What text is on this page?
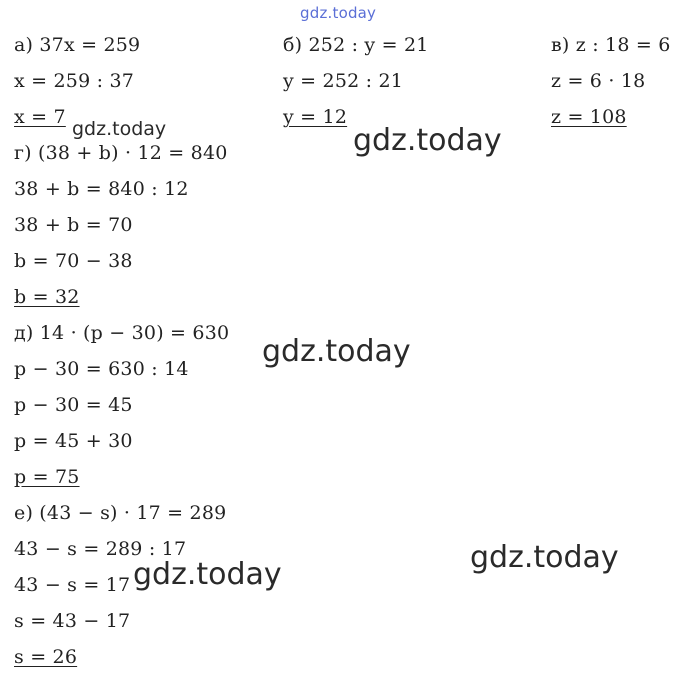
gdz.today
gdz.today	gdz.today
gdz.today
gdz.today	gdz.today
а) 37x = 259
x = 259 : 37
x = 7
г) (38 + b) · 12 = 840
38 + b = 840 : 12
38 + b = 70
b = 70 − 38
b = 32
д) 14 · (p − 30) = 630
p − 30 = 630 : 14
p − 30 = 45
p = 45 + 30
p = 75
е) (43 − s) · 17 = 289
43 − s = 289 : 17
43 − s = 17
s = 43 − 17
s = 26
б) 252 : y = 21
y = 252 : 21
y = 12
в) z : 18 = 6
z = 6 · 18
z = 108
